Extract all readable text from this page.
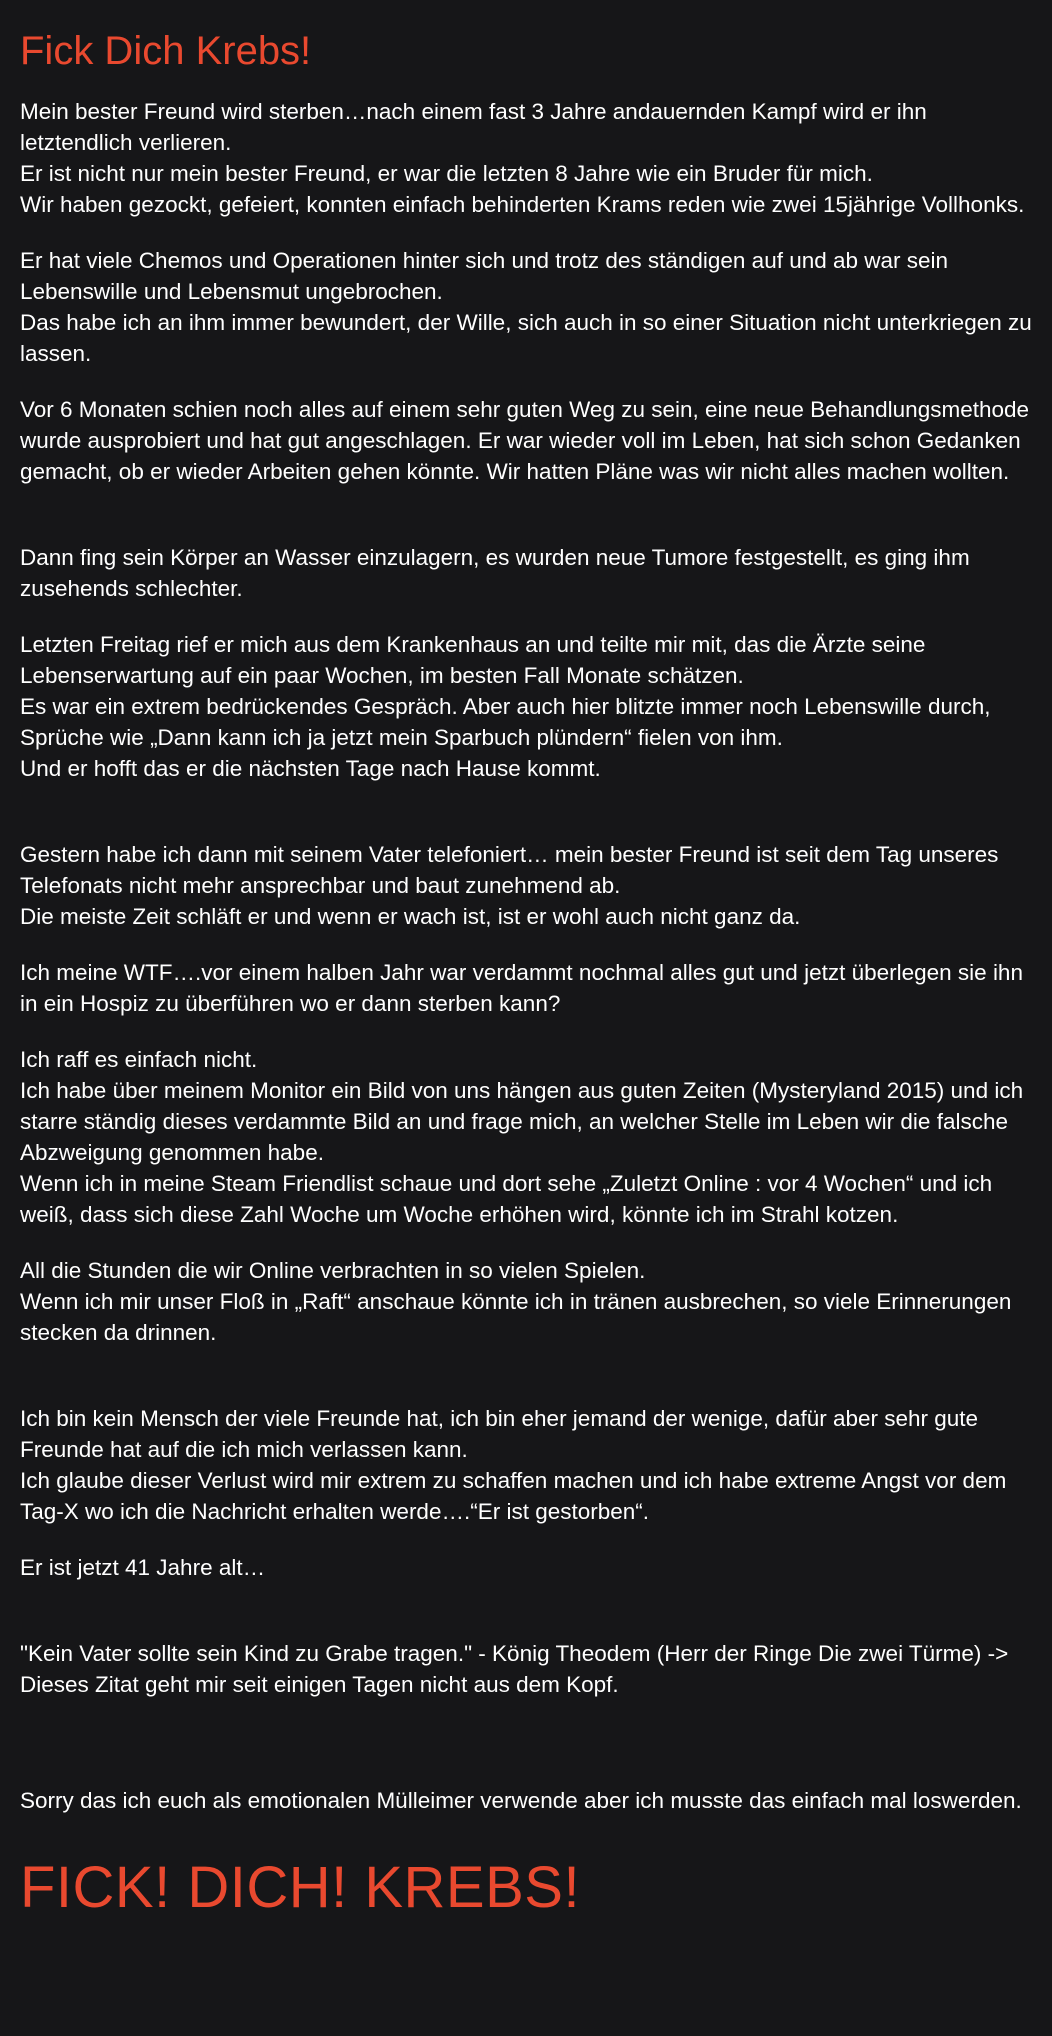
Fick Dich Krebs!

Mein bester Freund wird sterben…nach einem fast 3 Jahre andauernden Kampf wird er ihn letztendlich verlieren.
Er ist nicht nur mein bester Freund, er war die letzten 8 Jahre wie ein Bruder für mich.
Wir haben gezockt, gefeiert, konnten einfach behinderten Krams reden wie zwei 15jährige Vollhonks.

Er hat viele Chemos und Operationen hinter sich und trotz des ständigen auf und ab war sein Lebenswille und Lebensmut ungebrochen.
Das habe ich an ihm immer bewundert, der Wille, sich auch in so einer Situation nicht unterkriegen zu lassen.

Vor 6 Monaten schien noch alles auf einem sehr guten Weg zu sein, eine neue Behandlungsmethode wurde ausprobiert und hat gut angeschlagen. Er war wieder voll im Leben, hat sich schon Gedanken gemacht, ob er wieder Arbeiten gehen könnte. Wir hatten Pläne was wir nicht alles machen wollten.

Dann fing sein Körper an Wasser einzulagern, es wurden neue Tumore festgestellt, es ging ihm zusehends schlechter.

Letzten Freitag rief er mich aus dem Krankenhaus an und teilte mir mit, das die Ärzte seine Lebenserwartung auf ein paar Wochen, im besten Fall Monate schätzen.
Es war ein extrem bedrückendes Gespräch. Aber auch hier blitzte immer noch Lebenswille durch, Sprüche wie „Dann kann ich ja jetzt mein Sparbuch plündern“ fielen von ihm.
Und er hofft das er die nächsten Tage nach Hause kommt.

Gestern habe ich dann mit seinem Vater telefoniert… mein bester Freund ist seit dem Tag unseres Telefonats nicht mehr ansprechbar und baut zunehmend ab.
Die meiste Zeit schläft er und wenn er wach ist, ist er wohl auch nicht ganz da.

Ich meine WTF….vor einem halben Jahr war verdammt nochmal alles gut und jetzt überlegen sie ihn in ein Hospiz zu überführen wo er dann sterben kann?

Ich raff es einfach nicht.
Ich habe über meinem Monitor ein Bild von uns hängen aus guten Zeiten (Mysteryland 2015) und ich starre ständig dieses verdammte Bild an und frage mich, an welcher Stelle im Leben wir die falsche Abzweigung genommen habe.
Wenn ich in meine Steam Friendlist schaue und dort sehe „Zuletzt Online : vor 4 Wochen“ und ich weiß, dass sich diese Zahl Woche um Woche erhöhen wird, könnte ich im Strahl kotzen.

All die Stunden die wir Online verbrachten in so vielen Spielen.
Wenn ich mir unser Floß in „Raft“ anschaue könnte ich in tränen ausbrechen, so viele Erinnerungen stecken da drinnen.

Ich bin kein Mensch der viele Freunde hat, ich bin eher jemand der wenige, dafür aber sehr gute Freunde hat auf die ich mich verlassen kann.
Ich glaube dieser Verlust wird mir extrem zu schaffen machen und ich habe extreme Angst vor dem Tag-X wo ich die Nachricht erhalten werde….“Er ist gestorben“.

Er ist jetzt 41 Jahre alt…

"Kein Vater sollte sein Kind zu Grabe tragen." - König Theodem (Herr der Ringe Die zwei Türme) -> Dieses Zitat geht mir seit einigen Tagen nicht aus dem Kopf.

Sorry das ich euch als emotionalen Mülleimer verwende aber ich musste das einfach mal loswerden.

FICK! DICH! KREBS!
